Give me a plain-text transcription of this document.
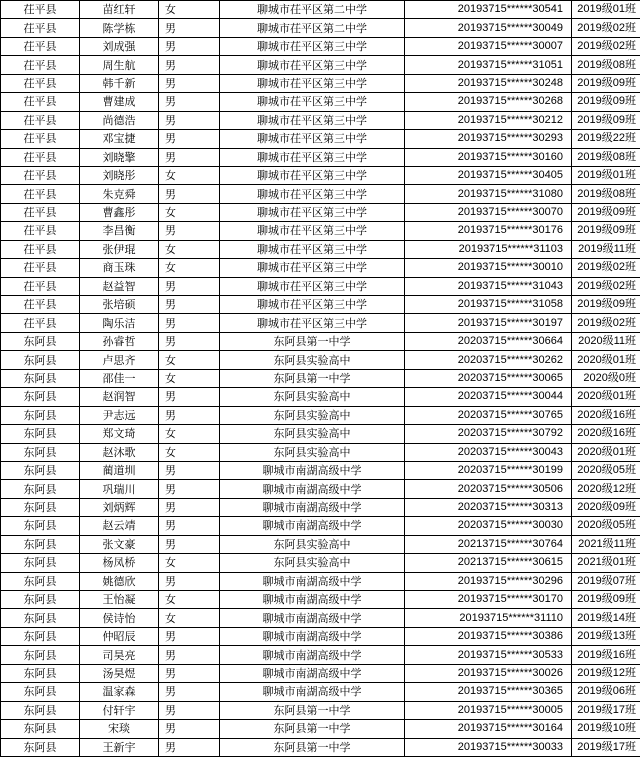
茌平县	苗红轩	女	聊城市茌平区第二中学	20193715******30541	2019级01班
茌平县	陈学栋	男	聊城市茌平区第二中学	20193715******30049	2019级02班
茌平县	刘成强	男	聊城市茌平区第三中学	20193715******30007	2019级02班
茌平县	周生航	男	聊城市茌平区第三中学	20193715******31051	2019级08班
茌平县	韩千新	男	聊城市茌平区第三中学	20193715******30248	2019级09班
茌平县	曹建成	男	聊城市茌平区第三中学	20193715******30268	2019级09班
茌平县	尚德浩	男	聊城市茌平区第三中学	20193715******30212	2019级09班
茌平县	邓宝捷	男	聊城市茌平区第三中学	20193715******30293	2019级22班
茌平县	刘晓擎	男	聊城市茌平区第三中学	20193715******30160	2019级08班
茌平县	刘晓彤	女	聊城市茌平区第三中学	20193715******30405	2019级01班
茌平县	朱克舜	男	聊城市茌平区第三中学	20193715******31080	2019级08班
茌平县	曹鑫彤	女	聊城市茌平区第三中学	20193715******30070	2019级09班
茌平县	李昌衡	男	聊城市茌平区第三中学	20193715******30176	2019级09班
茌平县	张伊琨	女	聊城市茌平区第三中学	20193715******31103	2019级11班
茌平县	商玉珠	女	聊城市茌平区第三中学	20193715******30010	2019级02班
茌平县	赵益智	男	聊城市茌平区第三中学	20193715******31043	2019级02班
茌平县	张培硕	男	聊城市茌平区第三中学	20193715******31058	2019级09班
茌平县	陶乐洁	男	聊城市茌平区第三中学	20193715******30197	2019级02班
东阿县	孙睿哲	男	东阿县第一中学	20203715******30664	2020级11班
东阿县	卢思齐	女	东阿县实验高中	20203715******30262	2020级01班
东阿县	邵佳一	女	东阿县第一中学	20203715******30065	2020级0班
东阿县	赵润智	男	东阿县实验高中	20203715******30044	2020级01班
东阿县	尹志远	男	东阿县实验高中	20203715******30765	2020级16班
东阿县	郑文琦	女	东阿县实验高中	20203715******30792	2020级16班
东阿县	赵沐歌	女	东阿县实验高中	20203715******30043	2020级01班
东阿县	蔺道圳	男	聊城市南湖高级中学	20203715******30199	2020级05班
东阿县	巩瑞川	男	聊城市南湖高级中学	20203715******30506	2020级12班
东阿县	刘炳辉	男	聊城市南湖高级中学	20203715******30313	2020级09班
东阿县	赵云靖	男	聊城市南湖高级中学	20203715******30030	2020级05班
东阿县	张文豪	男	东阿县实验高中	20213715******30764	2021级11班
东阿县	杨凤桥	女	东阿县实验高中	20213715******30615	2021级01班
东阿县	姚德欣	男	聊城市南湖高级中学	20193715******30296	2019级07班
东阿县	王怡凝	女	聊城市南湖高级中学	20193715******30170	2019级09班
东阿县	侯诗怡	女	聊城市南湖高级中学	20193715******31110	2019级14班
东阿县	仲昭辰	男	聊城市南湖高级中学	20193715******30386	2019级13班
东阿县	司昊亮	男	聊城市南湖高级中学	20193715******30533	2019级16班
东阿县	汤昊煜	男	聊城市南湖高级中学	20193715******30026	2019级12班
东阿县	温家森	男	聊城市南湖高级中学	20193715******30365	2019级06班
东阿县	付轩宇	男	东阿县第一中学	20193715******30005	2019级17班
东阿县	宋琰	男	东阿县第一中学	20193715******30164	2019级10班
东阿县	王新宇	男	东阿县第一中学	20193715******30033	2019级17班
